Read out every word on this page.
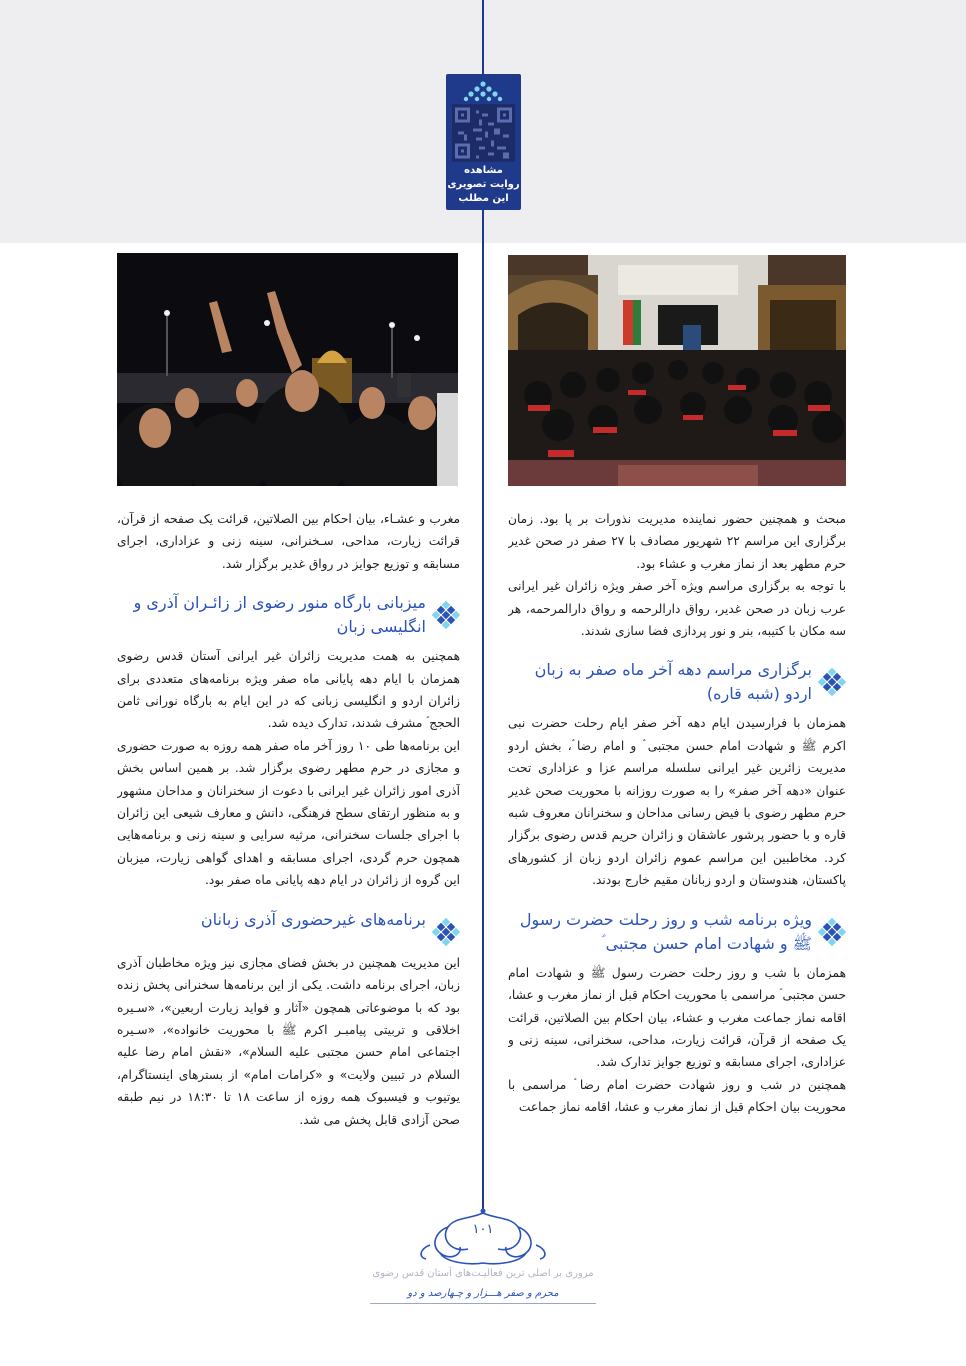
مشاهده
روایت تصویری
این مطلب

مبحث و همچنین حضور نماینده مدیریت نذورات بر پا بود. زمان برگزاری این مراسم ۲۲ شهریور مصادف با ۲۷ صفر در صحن غدیر حرم مطهر بعد از نماز مغرب و عشاء بود.

با توجه به برگزاری مراسم ویژه آخر صفر ویژه زائران غیر ایرانی عرب زبان در صحن غدیر، رواق دارالرحمه و رواق دارالمرحمه، هر سه مکان با کتیبه، بنر و نور پردازی فضا سازی شدند.

برگزاری مراسم دهه آخر ماه صفر به زبان اردو (شبه قاره)

همزمان با فرارسیدن ایام دهه آخر صفر ایام رحلت حضرت نبی اکرم ﷺ و شهادت امام حسن مجتبی ؑ و امام رضا ؑ، بخش اردو مدیریت زائرین غیر ایرانی سلسله مراسم عزا و عزاداری تحت عنوان «دهه آخر صفر» را به صورت روزانه با محوریت صحن غدیر حرم مطهر رضوی با فیض رسانی مداحان و سخنرانان معروف شبه قاره و با حضور پرشور عاشقان و زائران حریم قدس رضوی برگزار کرد. مخاطبین این مراسم عموم زائران اردو زبان از کشورهای پاکستان، هندوستان و اردو زبانان مقیم خارج بودند.

ویژه برنامه شب و روز رحلت حضرت رسول ﷺ و شهادت امام حسن مجتبی ؑ

همزمان با شب و روز رحلت حضرت رسول ﷺ و شهادت امام حسن مجتبی ؑ مراسمی با محوریت احکام قبل از نماز مغرب و عشا، اقامه نماز جماعت مغرب و عشاء، بیان احکام بین الصلاتین، قرائت یک صفحه از قرآن، قرائت زیارت، مداحی، سخنرانی، سینه زنی و عزاداری، اجرای مسابقه و توزیع جوایز تدارک شد.

همچنین در شب و روز شهادت حضرت امام رضا ؑ مراسمی با محوریت بیان احکام قبل از نماز مغرب و عشا، اقامه نماز جماعت

مغرب و عشـاء، بیان احکام بین الصلاتین، قرائت یک صفحه از قرآن، قرائت زیارت، مداحی، سـخنرانی، سینه زنی و عزاداری، اجرای مسابقه و توزیع جوایز در رواق غدیر برگزار شد.

میزبانی بارگاه منور رضوی از زائـران آذری و انگلیسی زبان

همچنین به همت مدیریت زائران غیر ایرانی آستان قدس رضوی همزمان با ایام دهه پایانی ماه صفر ویژه برنامه‌های متعددی برای زائران اردو و انگلیسی زبانی که در این ایام به بارگاه نورانی ثامن الحجج ؑ مشرف شدند، تدارک دیده شد.

این برنامه‌ها طی ۱۰ روز آخر ماه صفر همه روزه به صورت حضوری و مجازی در حرم مطهر رضوی برگزار شد. بر همین اساس بخش آذری امور زائران غیر ایرانی با دعوت از سخنرانان و مداحان مشهور و به منظور ارتقای سطح فرهنگی، دانش و معارف شیعی این زائران با اجرای جلسات سخنرانی، مرثیه سرایی و سینه زنی و برنامه‌هایی همچون حرم گردی، اجرای مسابقه و اهدای گواهی زیارت، میزبان این گروه از زائران در ایام دهه پایانی ماه صفر بود.

برنامه‌های غیرحضوری آذری زبانان

این مدیریت همچنین در بخش فضای مجازی نیز ویژه مخاطبان آذری زبان، اجرای برنامه داشت. یکی از این برنامه‌ها سخنرانی پخش زنده بود که با موضوعاتی همچون «آثار و فواید زیارت اربعین»، «سـیره اخلاقی و تربیتی پیامبـر اکرم ﷺ با محوریت خانواده»، «سـیره اجتماعی امام حسن مجتبی علیه السلام»، «نقش امام رضا علیه السلام در تبیین ولایت» و «کرامات امام» از بسترهای اینستاگرام، یوتیوب و فیسبوک همه روزه از ساعت ۱۸ تا ۱۸:۳۰ در نیم طبقه صحن آزادی قابل پخش می شد.

۱۰۱
مروری بر اصلی ترین فعالیـت‌های آستان قدس رضوی
محرم و صفر هـــزار و چـهارصد و دو
